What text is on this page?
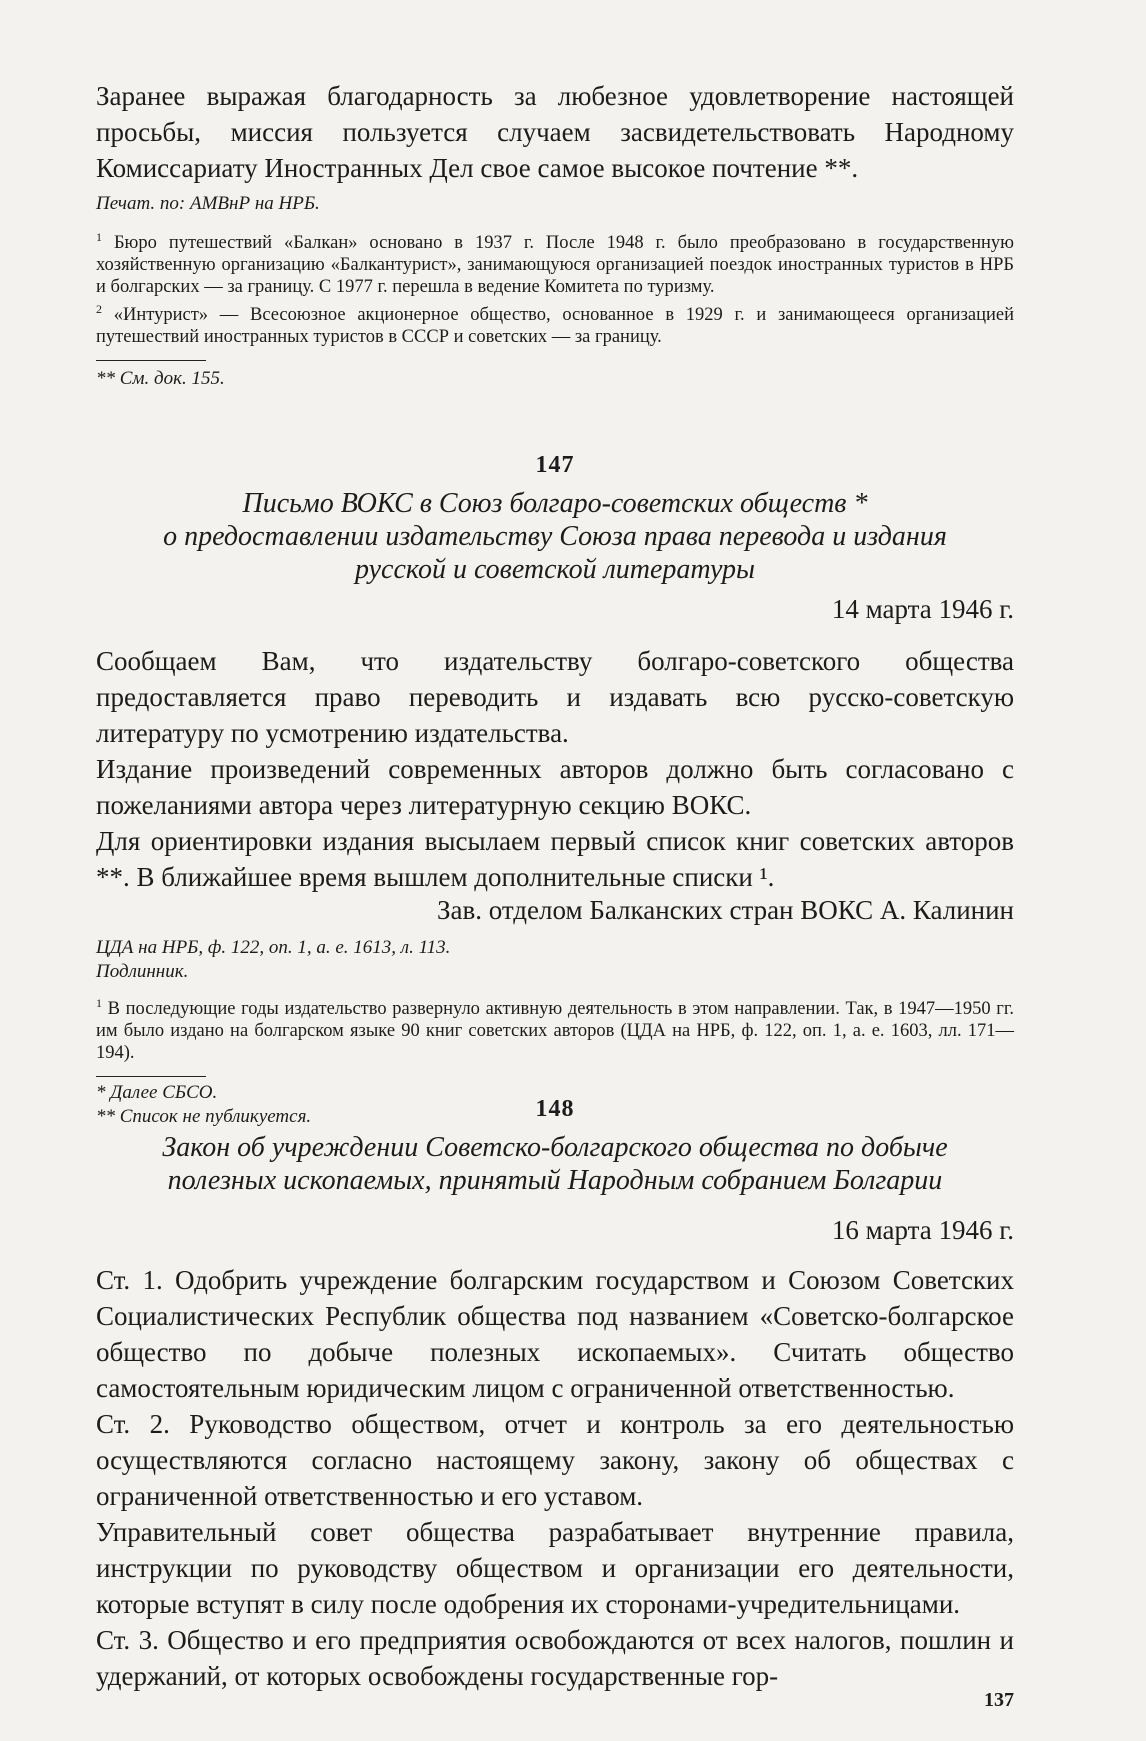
Заранее выражая благодарность за любезное удовлетворение настоящей просьбы, миссия пользуется случаем засвидетельствовать Народному Комиссариату Иностранных Дел свое самое высокое почтение **.

Печат. по: АМВнР на НРБ.

$^1$ Бюро путешествий «Балкан» основано в 1937 г. После 1948 г. было преобразовано в государственную хозяйственную организацию «Балкантурист», занимающуюся организацией поездок иностранных туристов в НРБ и болгарских — за границу. С 1977 г. перешла в ведение Комитета по туризму.

$^2$ «Интурист» — Всесоюзное акционерное общество, основанное в 1929 г. и занимающееся организацией путешествий иностранных туристов в СССР и советских — за границу.

** См. док. 155.

147

Письмо ВОКС в Союз болгаро-советских обществ *

о предоставлении издательству Союза права перевода и издания

русской и советской литературы

14 марта 1946 г.

Сообщаем Вам, что издательству болгаро-советского общества предоставляется право переводить и издавать всю русско-советскую литературу по усмотрению издательства.

Издание произведений современных авторов должно быть согласовано с пожеланиями автора через литературную секцию ВОКС.

Для ориентировки издания высылаем первый список книг советских авторов **. В ближайшее время вышлем дополнительные списки ¹.

Зав. отделом Балканских стран ВОКС А. Калинин

ЦДА на НРБ, ф. 122, оп. 1, а. е. 1613, л. 113.

Подлинник.

$^1$ В последующие годы издательство развернуло активную деятельность в этом направлении. Так, в 1947—1950 гг. им было издано на болгарском языке 90 книг советских авторов (ЦДА на НРБ, ф. 122, оп. 1, а. е. 1603, лл. 171—194).

* Далее СБСО.

** Список не публикуется.	148

Закон об учреждении Советско-болгарского общества по добыче

полезных ископаемых, принятый Народным собранием Болгарии

16 марта 1946 г.

Ст. 1. Одобрить учреждение болгарским государством и Союзом Советских Социалистических Республик общества под названием «Советско-болгарское общество по добыче полезных ископаемых». Считать общество самостоятельным юридическим лицом с ограниченной ответственностью.

Ст. 2. Руководство обществом, отчет и контроль за его деятельностью осуществляются согласно настоящему закону, закону об обществах с ограниченной ответственностью и его уставом.

Управительный совет общества разрабатывает внутренние правила, инструкции по руководству обществом и организации его деятельности, которые вступят в силу после одобрения их сторонами-учредительницами.

Ст. 3. Общество и его предприятия освобождаются от всех налогов, пошлин и удержаний, от которых освобождены государственные гор-

137
